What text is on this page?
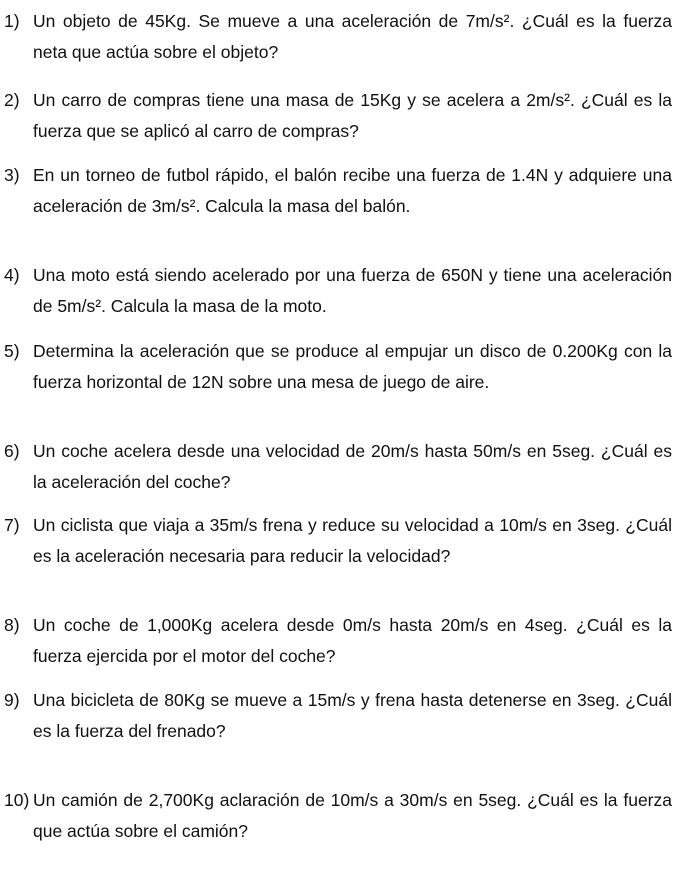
1) Un objeto de 45Kg. Se mueve a una aceleración de 7m/s². ¿Cuál es la fuerza neta que actúa sobre el objeto?
2) Un carro de compras tiene una masa de 15Kg y se acelera a 2m/s². ¿Cuál es la fuerza que se aplicó al carro de compras?
3) En un torneo de futbol rápido, el balón recibe una fuerza de 1.4N y adquiere una aceleración de 3m/s². Calcula la masa del balón.
4) Una moto está siendo acelerado por una fuerza de 650N y tiene una aceleración de 5m/s². Calcula la masa de la moto.
5) Determina la aceleración que se produce al empujar un disco de 0.200Kg con la fuerza horizontal de 12N sobre una mesa de juego de aire.
6) Un coche acelera desde una velocidad de 20m/s hasta 50m/s en 5seg. ¿Cuál es la aceleración del coche?
7) Un ciclista que viaja a 35m/s frena y reduce su velocidad a 10m/s en 3seg. ¿Cuál es la aceleración necesaria para reducir la velocidad?
8) Un coche de 1,000Kg acelera desde 0m/s hasta 20m/s en 4seg. ¿Cuál es la fuerza ejercida por el motor del coche?
9) Una bicicleta de 80Kg se mueve a 15m/s y frena hasta detenerse en 3seg. ¿Cuál es la fuerza del frenado?
10) Un camión de 2,700Kg aclaración de 10m/s a 30m/s en 5seg. ¿Cuál es la fuerza que actúa sobre el camión?
